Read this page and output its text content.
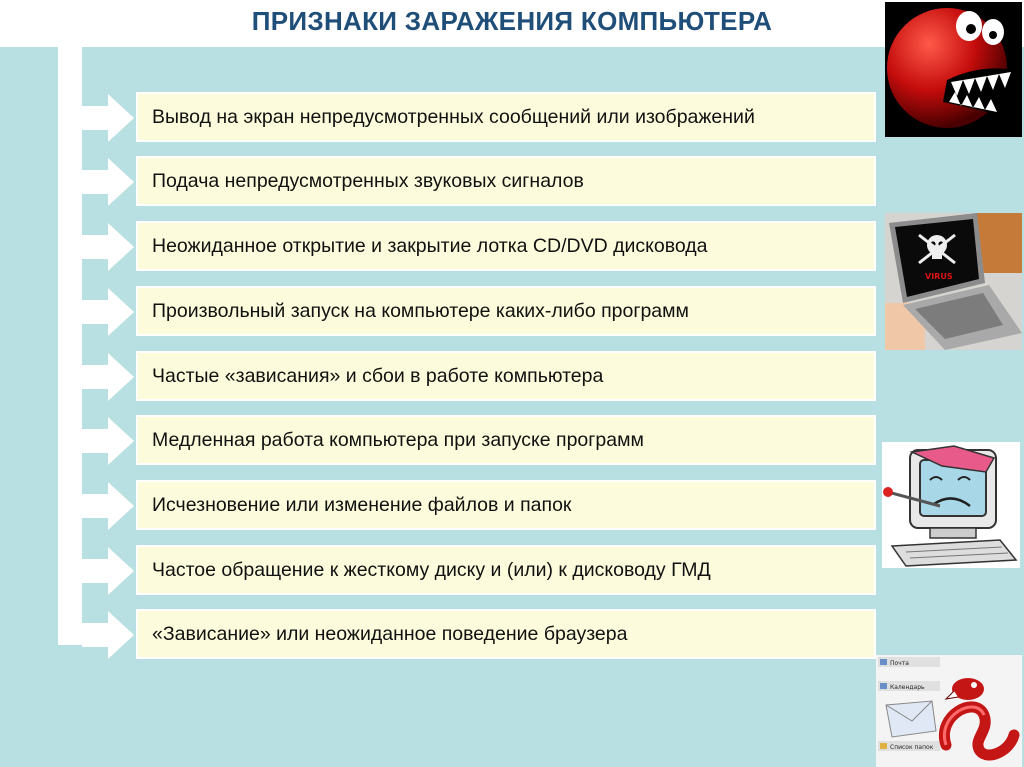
ПРИЗНАКИ ЗАРАЖЕНИЯ КОМПЬЮТЕРА
Вывод на экран непредусмотренных сообщений или изображений
Подача непредусмотренных звуковых сигналов
Неожиданное открытие и закрытие лотка CD/DVD дисковода
Произвольный запуск на компьютере каких-либо программ
Частые «зависания» и сбои в работе компьютера
Медленная работа компьютера при запуске программ
Исчезновение или изменение файлов и папок
Частое обращение к жесткому диску и (или) к дисководу ГМД
«Зависание» или неожиданное поведение браузера
VIRUS
Почта
Календарь
Список папок
